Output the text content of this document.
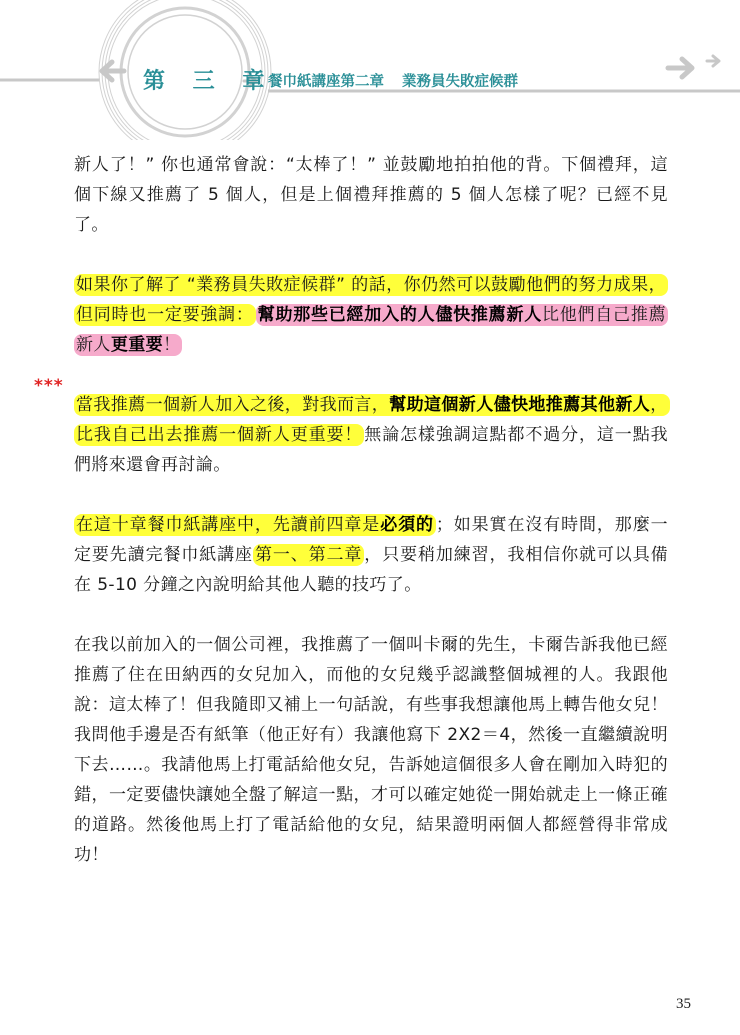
第 三 章
餐巾紙講座第二章 業務員失敗症候群
***

新人了！” 你也通常會說：“太棒了！” 並鼓勵地拍拍他的背。下個禮拜，這個下線又推薦了 5 個人，但是上個禮拜推薦的 5 個人怎樣了呢？已經不見了。

如果你了解了 “業務員失敗症候群” 的話，你仍然可以鼓勵他們的努力成果，但同時也一定要強調： 幫助那些已經加入的人儘快推薦新人比他們自己推薦新人更重要！

當我推薦一個新人加入之後，對我而言，幫助這個新人儘快地推薦其他新人，比我自己出去推薦一個新人更重要！ 無論怎樣強調這點都不過分，這一點我們將來還會再討論。

在這十章餐巾紙講座中，先讀前四章是必須的 ；如果實在沒有時間，那麼一定要先讀完餐巾紙講座 第一、第二章 ，只要稍加練習，我相信你就可以具備在 5-10 分鐘之內說明給其他人聽的技巧了。

在我以前加入的一個公司裡，我推薦了一個叫卡爾的先生，卡爾告訴我他已經推薦了住在田納西的女兒加入，而他的女兒幾乎認識整個城裡的人。我跟他說：這太棒了！但我隨即又補上一句話說，有些事我想讓他馬上轉告他女兒！我問他手邊是否有紙筆（他正好有）我讓他寫下 2X2＝4，然後一直繼續說明下去……。我請他馬上打電話給他女兒，告訴她這個很多人會在剛加入時犯的錯，一定要儘快讓她全盤了解這一點，才可以確定她從一開始就走上一條正確的道路。然後他馬上打了電話給他的女兒，結果證明兩個人都經營得非常成功！

35
